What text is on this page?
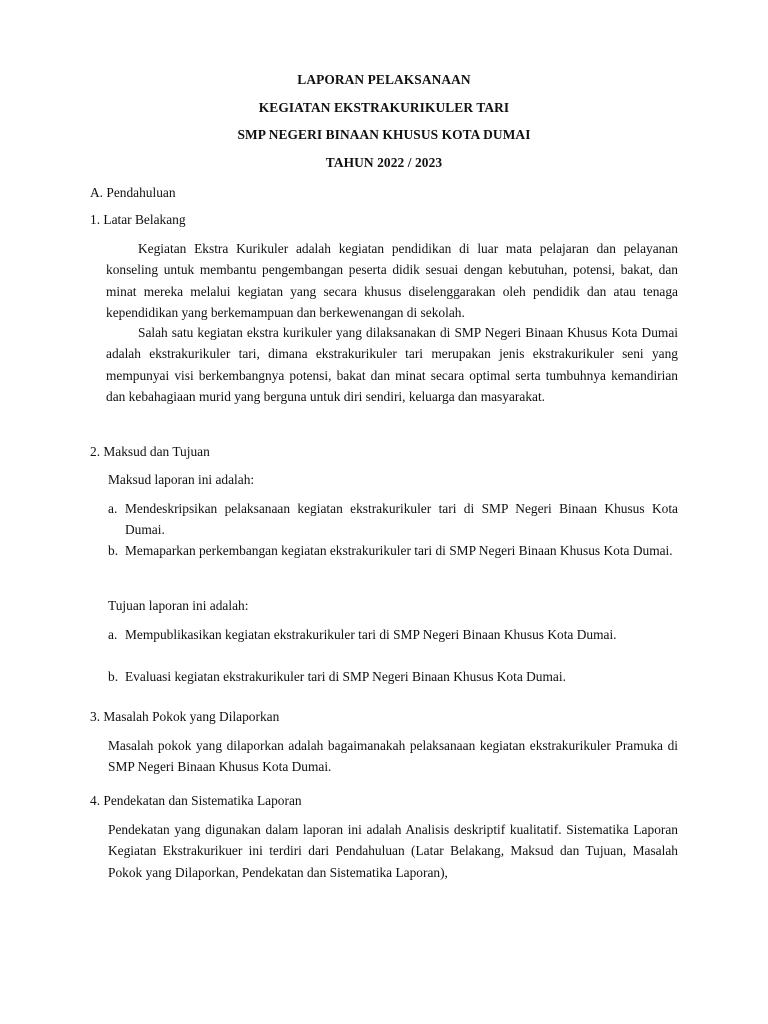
LAPORAN PELAKSANAAN
KEGIATAN EKSTRAKURIKULER TARI
SMP NEGERI BINAAN KHUSUS KOTA DUMAI
TAHUN 2022 / 2023
A. Pendahuluan
1. Latar Belakang
Kegiatan Ekstra Kurikuler adalah kegiatan pendidikan di luar mata pelajaran dan pelayanan konseling untuk membantu pengembangan peserta didik sesuai dengan kebutuhan, potensi, bakat, dan minat mereka melalui kegiatan yang secara khusus diselenggarakan oleh pendidik dan atau tenaga kependidikan yang berkemampuan dan berkewenangan di sekolah.
Salah satu kegiatan ekstra kurikuler yang dilaksanakan di SMP Negeri Binaan Khusus Kota Dumai adalah ekstrakurikuler tari, dimana ekstrakurikuler tari merupakan jenis ekstrakurikuler seni yang mempunyai visi berkembangnya potensi, bakat dan minat secara optimal serta tumbuhnya kemandirian dan kebahagiaan murid yang berguna untuk diri sendiri, keluarga dan masyarakat.
2. Maksud dan Tujuan
Maksud laporan ini adalah:
a. Mendeskripsikan pelaksanaan kegiatan ekstrakurikuler tari di SMP Negeri Binaan Khusus Kota Dumai.
b. Memaparkan perkembangan kegiatan ekstrakurikuler tari di SMP Negeri Binaan Khusus Kota Dumai.
Tujuan laporan ini adalah:
a. Mempublikasikan kegiatan ekstrakurikuler tari di SMP Negeri Binaan Khusus Kota Dumai.
b. Evaluasi kegiatan ekstrakurikuler tari di SMP Negeri Binaan Khusus Kota Dumai.
3. Masalah Pokok yang Dilaporkan
Masalah pokok yang dilaporkan adalah bagaimanakah pelaksanaan kegiatan ekstrakurikuler Pramuka di SMP Negeri Binaan Khusus Kota Dumai.
4. Pendekatan dan Sistematika Laporan
Pendekatan yang digunakan dalam laporan ini adalah Analisis deskriptif kualitatif. Sistematika Laporan Kegiatan Ekstrakurikuer ini terdiri dari Pendahuluan (Latar Belakang, Maksud dan Tujuan, Masalah Pokok yang Dilaporkan, Pendekatan dan Sistematika Laporan),
